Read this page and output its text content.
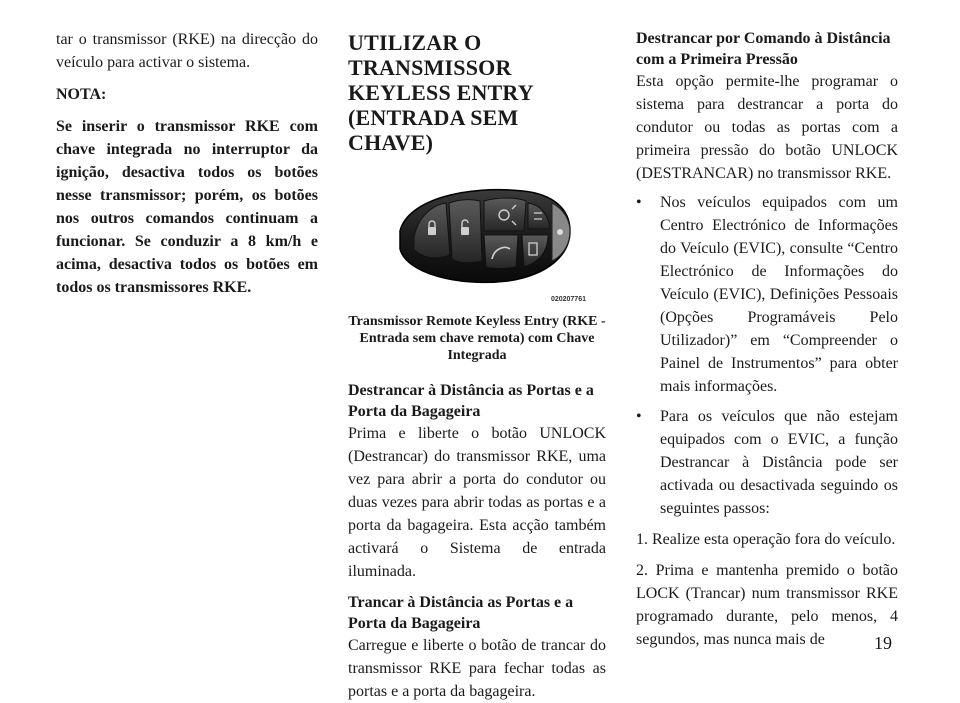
tar o transmissor (RKE) na direcção do veículo para activar o sistema.

NOTA:

Se inserir o transmissor RKE com chave integrada no interruptor da ignição, desactiva todos os botões nesse transmissor; porém, os botões nos outros comandos continuam a funcionar. Se conduzir a 8 km/h e acima, desactiva todos os botões em todos os transmissores RKE.

UTILIZAR O TRANSMISSOR KEYLESS ENTRY (ENTRADA SEM CHAVE)
020207761
Transmissor Remote Keyless Entry (RKE - Entrada sem chave remota) com Chave Integrada
Destrancar à Distância as Portas e a Porta da Bagageira

Prima e liberte o botão UNLOCK (Destrancar) do transmissor RKE, uma vez para abrir a porta do condutor ou duas vezes para abrir todas as portas e a porta da bagageira. Esta acção também activará o Sistema de entrada iluminada.

Trancar à Distância as Portas e a Porta da Bagageira

Carregue e liberte o botão de trancar do transmissor RKE para fechar todas as portas e a porta da bagageira.

Destrancar por Comando à Distância com a Primeira Pressão

Esta opção permite-lhe programar o sistema para destrancar a porta do condutor ou todas as portas com a primeira pressão do botão UNLOCK (DESTRANCAR) no transmissor RKE.

• Nos veículos equipados com um Centro Electrónico de Informações do Veículo (EVIC), consulte “Centro Electrónico de Informações do Veículo (EVIC), Definições Pessoais (Opções Programáveis Pelo Utilizador)” em “Compreender o Painel de Instrumentos” para obter mais informações.
• Para os veículos que não estejam equipados com o EVIC, a função Destrancar à Distância pode ser activada ou desactivada seguindo os seguintes passos:

1. Realize esta operação fora do veículo.

2. Prima e mantenha premido o botão LOCK (Trancar) num transmissor RKE programado durante, pelo menos, 4 segundos, mas nunca mais de	19
